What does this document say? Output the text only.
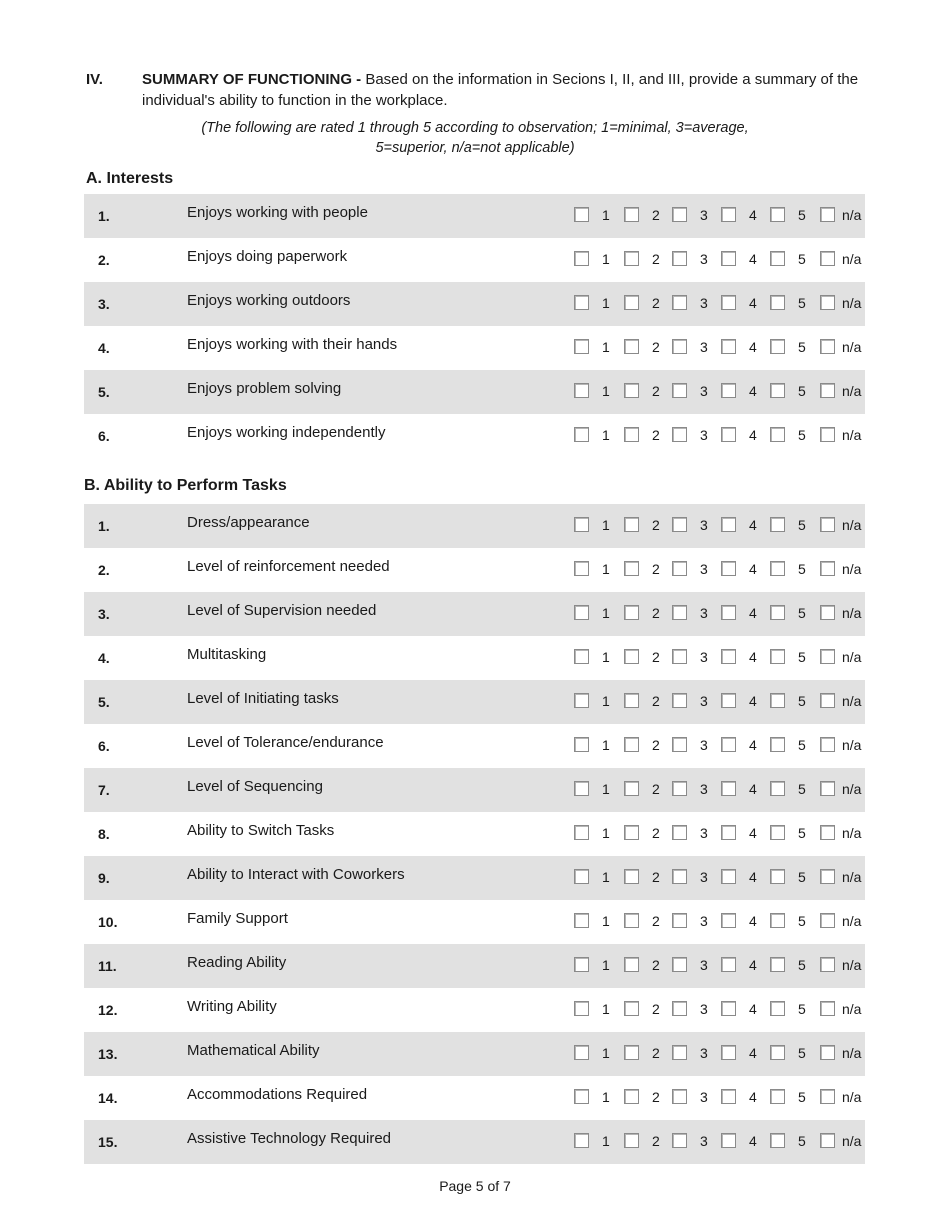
IV.	SUMMARY OF FUNCTIONING - Based on the information in Secions I, II, and III, provide a summary of the individual's ability to function in the workplace.
(The following are rated 1 through 5 according to observation; 1=minimal, 3=average,
5=superior, n/a=not applicable)
A. Interests
1.	Enjoys working with people	1	2	3	4	5	n/a
2.	Enjoys doing paperwork	1	2	3	4	5	n/a
3.	Enjoys working outdoors	1	2	3	4	5	n/a
4.	Enjoys working with their hands	1	2	3	4	5	n/a
5.	Enjoys problem solving	1	2	3	4	5	n/a
6.	Enjoys working independently	1	2	3	4	5	n/a
B. Ability to Perform Tasks
1.	Dress/appearance	1	2	3	4	5	n/a
2.	Level of reinforcement needed	1	2	3	4	5	n/a
3.	Level of Supervision needed	1	2	3	4	5	n/a
4.	Multitasking	1	2	3	4	5	n/a
5.	Level of Initiating tasks	1	2	3	4	5	n/a
6.	Level of Tolerance/endurance	1	2	3	4	5	n/a
7.	Level of Sequencing	1	2	3	4	5	n/a
8.	Ability to Switch Tasks	1	2	3	4	5	n/a
9.	Ability to Interact with Coworkers	1	2	3	4	5	n/a
10.	Family Support	1	2	3	4	5	n/a
11.	Reading Ability	1	2	3	4	5	n/a
12.	Writing Ability	1	2	3	4	5	n/a
13.	Mathematical Ability	1	2	3	4	5	n/a
14.	Accommodations Required	1	2	3	4	5	n/a
15.	Assistive Technology Required	1	2	3	4	5	n/a
Page 5 of 7
